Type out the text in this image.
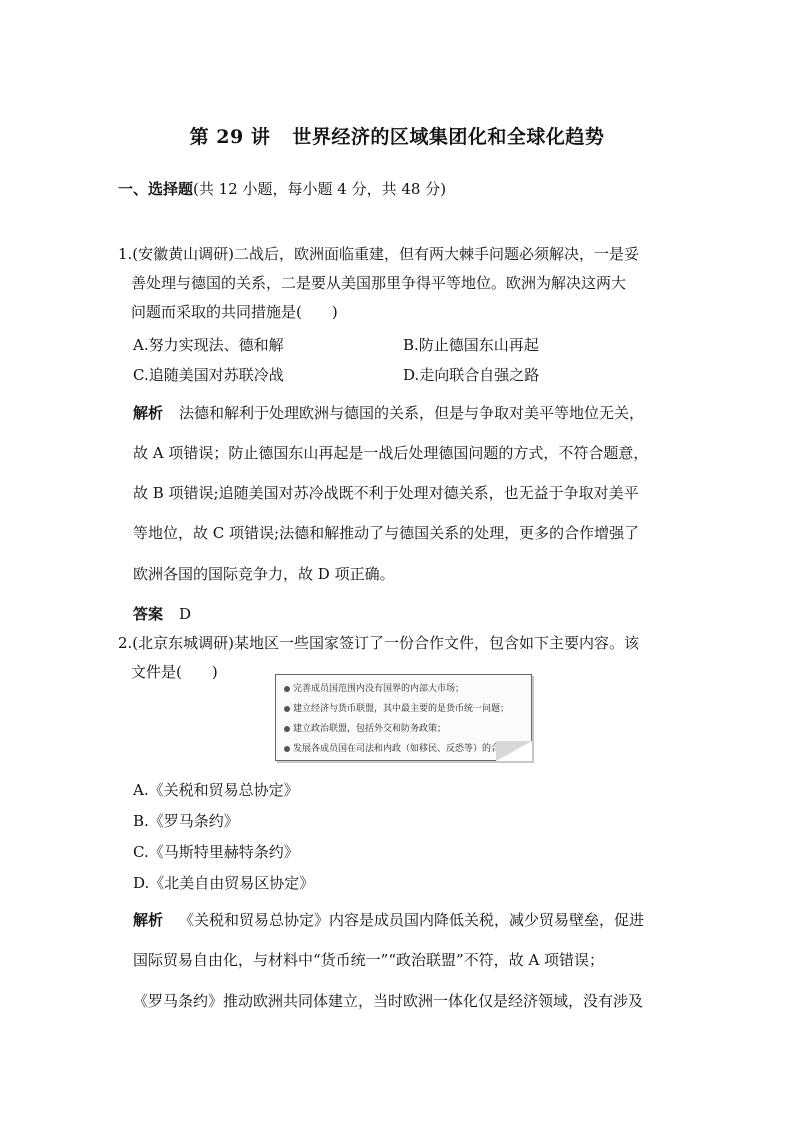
第 29 讲 世界经济的区域集团化和全球化趋势
一、选择题(共 12 小题，每小题 4 分，共 48 分)
1.(安徽黄山调研)二战后，欧洲面临重建，但有两大棘手问题必须解决，一是妥
善处理与德国的关系，二是要从美国那里争得平等地位。欧洲为解决这两大
问题而采取的共同措施是(　　)
A.努力实现法、德和解	B.防止德国东山再起
C.追随美国对苏联冷战	D.走向联合自强之路
解析 法德和解利于处理欧洲与德国的关系，但是与争取对美平等地位无关，
故 A 项错误；防止德国东山再起是一战后处理德国问题的方式，不符合题意，
故 B 项错误;追随美国对苏冷战既不利于处理对德关系，也无益于争取对美平
等地位，故 C 项错误;法德和解推动了与德国关系的处理，更多的合作增强了
欧洲各国的国际竞争力，故 D 项正确。
答案 D
2.(北京东城调研)某地区一些国家签订了一份合作文件，包含如下主要内容。该
文件是(　　)
完善成员国范围内没有国界的内部大市场；
建立经济与货币联盟，其中最主要的是货币统一问题；
建立政治联盟，包括外交和防务政策；
发展各成员国在司法和内政（如移民、反恐等）的合作。
A.《关税和贸易总协定》
B.《罗马条约》
C.《马斯特里赫特条约》
D.《北美自由贸易区协定》
解析 《关税和贸易总协定》内容是成员国内降低关税，减少贸易壁垒，促进
国际贸易自由化，与材料中“货币统一”“政治联盟”不符，故 A 项错误；
《罗马条约》推动欧洲共同体建立，当时欧洲一体化仅是经济领域，没有涉及
